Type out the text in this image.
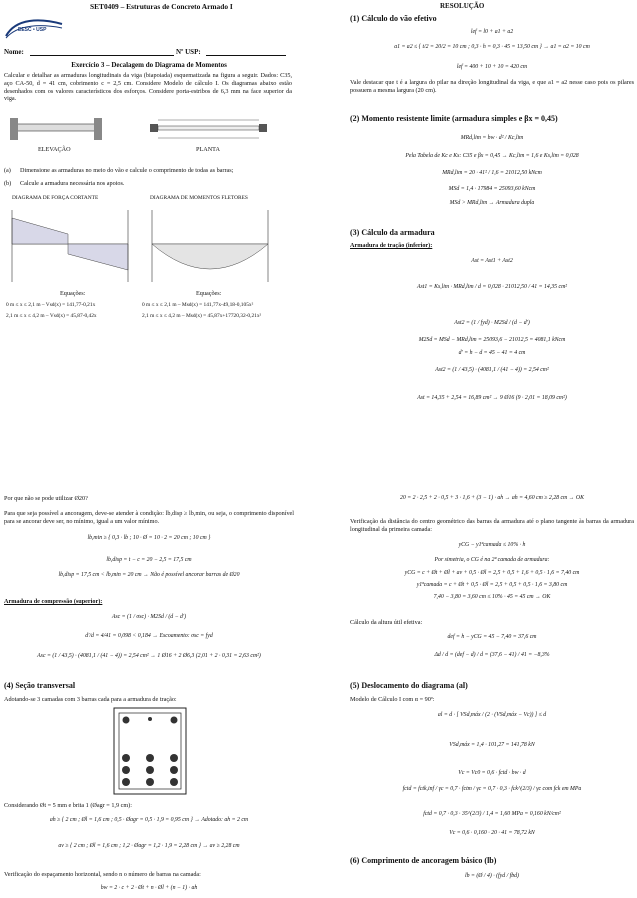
SET0409 – Estruturas de Concreto Armado I
EESC • USP
Nome:	Nº USP:
Exercício 3 – Decalagem do Diagrama de Momentos
Calcular e detalhar as armaduras longitudinais da viga (biapoiada) esquematizada na figura a seguir. Dados: C35, aço CA-50, d = 41 cm, cobrimento c = 2,5 cm. Considere Modelo de cálculo I. Os diagramas abaixo estão desenhados com os valores característicos dos esforços. Considere porta-estribos de 6,3 mm na face superior da viga.
ELEVAÇÃO	PLANTA
(a) Dimensione as armaduras no meio do vão e calcule o comprimento de todas as barras;
(b) Calcule a armadura necessária nos apoios.
DIAGRAMA DE FORÇA CORTANTE	DIAGRAMA DE MOMENTOS FLETORES
Equações:	Equações:
0 m ≤ x ≤ 2,1 m – Vsd(x) = 141,77-0,21x
2,1 m ≤ x ≤ 4,2 m – Vsd(x) = 45,87-0,42x
0 m ≤ x ≤ 2,1 m – Msd(x) = 141,77x-49,18-0,105x²
2,1 m ≤ x ≤ 4,2 m – Msd(x) = 45,87x+17720,32-0,21x²
RESOLUÇÃO
(1) Cálculo do vão efetivo
lef = l0 + a1 + a2
a1 = a2 ≤ { t/2 = 20/2 = 10 cm ; 0,3 · h = 0,3 · 45 = 13,50 cm } → a1 = a2 = 10 cm
lef = 400 + 10 + 10 = 420 cm
Vale destacar que t é a largura do pilar na direção longitudinal da viga, e que a1 = a2 nesse caso pois os pilares possuem a mesma largura (20 cm).
(2) Momento resistente limite (armadura simples e βx = 0,45)
MRd,lim = bw · d² / Kc,lim
Pela Tabela de Kc e Ks: C35 e βx = 0,45 → Kc,lim = 1,6 e Ks,lim = 0,028
MRd,lim = 20 · 41² / 1,6 = 21012,50 kNcm
MSd = 1,4 · 17984 = 25093,60 kNcm
MSd > MRd,lim → Armadura dupla
(3) Cálculo da armadura
Armadura de tração (inferior):
Ast = Ast1 + Ast2
Ast1 = Ks,lim · MRd,lim / d = 0,028 · 21012,50 / 41 = 14,35 cm²
Ast2 = (1 / fyd) · M2Sd / (d − d′)
M2Sd = MSd − MRd,lim = 25093,6 − 21012,5 = 4081,1 kNcm
d′ = h − d = 45 − 41 = 4 cm
Ast2 = (1 / 43,5) · (4081,1 / (41 − 4)) = 2,54 cm²
Ast = 14,35 + 2,54 = 16,89 cm² → 9 Ø16 (9 · 2,01 = 18,09 cm²)
Por que não se pode utilizar Ø20?
Para que seja possível a ancoragem, deve-se atender à condição: lb,disp ≥ lb,min, ou seja, o comprimento disponível para se ancorar deve ser, no mínimo, igual a um valor mínimo.
lb,min ≥ { 0,3 · lb ; 10 · Ø = 10 · 2 = 20 cm ; 10 cm }
lb,disp = t − c = 20 − 2,5 = 17,5 cm
lb,disp = 17,5 cm < lb,min = 20 cm → Não é possível ancorar barras de Ø20
Armadura de compressão (superior):
Asc = (1 / σsc) · M2Sd / (d − d′)
d′/d = 4/41 = 0,098 < 0,184 → Escoamento: σsc = fyd
Asc = (1 / 43,5) · (4081,1 / (41 − 4)) = 2,54 cm² → 1 Ø16 + 2 Ø6,3 (2,01 + 2 · 0,31 = 2,63 cm²)
(4) Seção transversal
Adotando-se 3 camadas com 3 barras cada para a armadura de tração:
Considerando Øt = 5 mm e brita 1 (Øagr = 1,9 cm):
ah ≥ { 2 cm ; Øl = 1,6 cm ; 0,5 · Øagr = 0,5 · 1,9 = 0,95 cm } → Adotado: ah = 2 cm
av ≥ { 2 cm ; Øl = 1,6 cm ; 1,2 · Øagr = 1,2 · 1,9 = 2,28 cm } → av ≥ 2,28 cm
Verificação do espaçamento horizontal, sendo n o número de barras na camada:
bw = 2 · c + 2 · Øt + n · Øl + (n − 1) · ah
20 = 2 · 2,5 + 2 · 0,5 + 3 · 1,6 + (3 − 1) · ah → ah = 4,60 cm ≥ 2,28 cm → OK
Verificação da distância do centro geométrico das barras da armadura até o plano tangente às barras da armadura longitudinal da primeira camada:
yCG − y1ªcamada ≤ 10% · h
Por simetria, o CG é na 2ª camada de armadura:
yCG = c + Øt + Øl + av + 0,5 · Øl = 2,5 + 0,5 + 1,6 + 0,5 · 1,6 = 7,40 cm
y1ªcamada = c + Øt + 0,5 · Øl = 2,5 + 0,5 + 0,5 · 1,6 = 3,80 cm
7,40 − 3,80 = 3,60 cm ≤ 10% · 45 = 45 cm → OK
Cálculo da altura útil efetiva:
def = h − yCG = 45 − 7,40 = 37,6 cm
Δd / d = (def − d) / d = (37,6 − 41) / 41 = −8,3%
(5) Deslocamento do diagrama (al)
Modelo de Cálculo I com α = 90º:
al = d · [ VSd,máx / (2 · (VSd,máx − Vc)) ] ≤ d
VSd,máx = 1,4 · 101,27 = 141,78 kN
Vc = Vc0 = 0,6 · fctd · bw · d
fctd = fctk,inf / γc = 0,7 · fctm / γc = 0,7 · 0,3 · fck^(2/3) / γc com fck em MPa
fctd = 0,7 · 0,3 · 35^(2/3) / 1,4 = 1,60 MPa = 0,160 kN/cm²
Vc = 0,6 · 0,160 · 20 · 41 = 78,72 kN
(6) Comprimento de ancoragem básico (lb)
lb = (Ø / 4) · (fyd / fbd)
